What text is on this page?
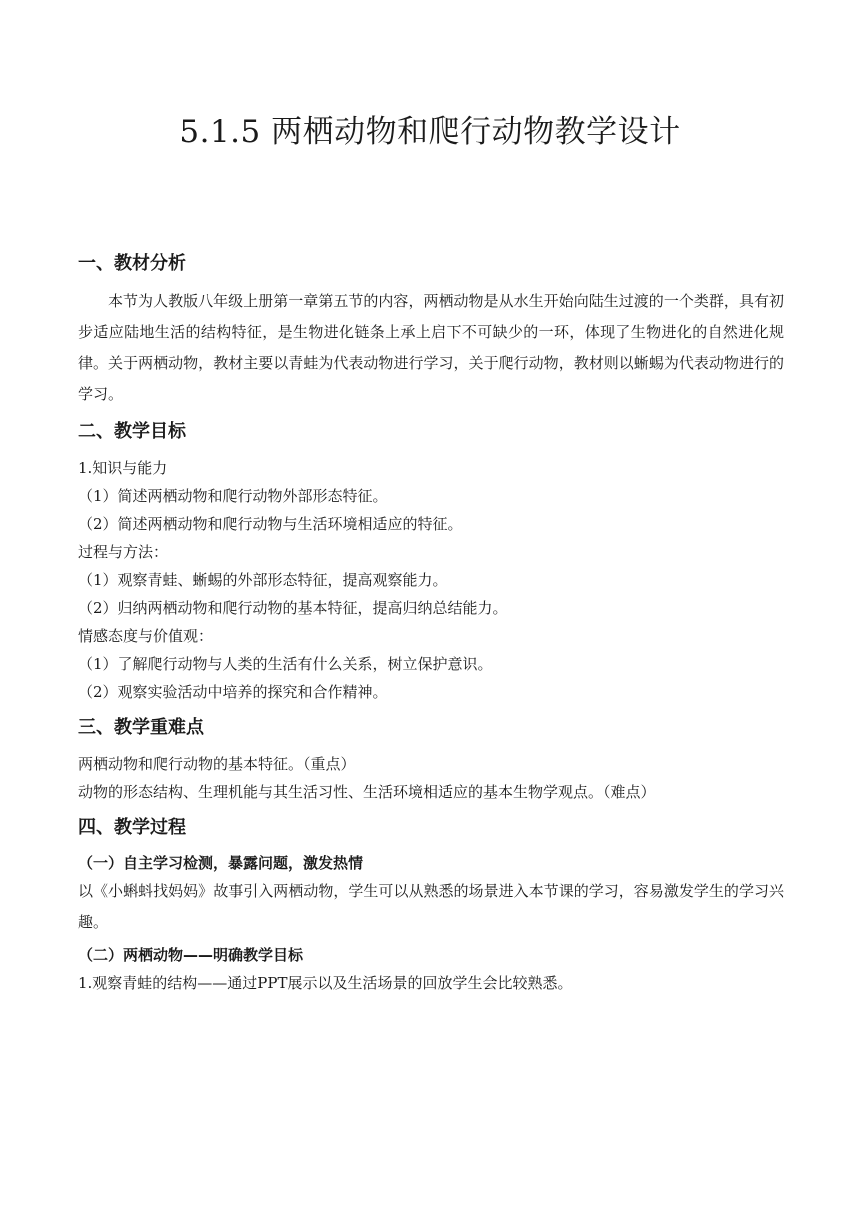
5.1.5 两栖动物和爬行动物教学设计

一、教材分析

本节为人教版八年级上册第一章第五节的内容，两栖动物是从水生开始向陆生过渡的一个类群，具有初步适应陆地生活的结构特征，是生物进化链条上承上启下不可缺少的一环，体现了生物进化的自然进化规律。关于两栖动物，教材主要以青蛙为代表动物进行学习，关于爬行动物，教材则以蜥蜴为代表动物进行的学习。

二、教学目标

1.知识与能力

（1）简述两栖动物和爬行动物外部形态特征。

（2）简述两栖动物和爬行动物与生活环境相适应的特征。

过程与方法：

（1）观察青蛙、蜥蜴的外部形态特征，提高观察能力。

（2）归纳两栖动物和爬行动物的基本特征，提高归纳总结能力。

情感态度与价值观：

（1）了解爬行动物与人类的生活有什么关系，树立保护意识。

（2）观察实验活动中培养的探究和合作精神。

三、教学重难点

两栖动物和爬行动物的基本特征。（重点）

动物的形态结构、生理机能与其生活习性、生活环境相适应的基本生物学观点。（难点）

四、教学过程

（一）自主学习检测，暴露问题，激发热情

以《小蝌蚪找妈妈》故事引入两栖动物，学生可以从熟悉的场景进入本节课的学习，容易激发学生的学习兴趣。

（二）两栖动物——明确教学目标

1.观察青蛙的结构——通过PPT展示以及生活场景的回放学生会比较熟悉。
